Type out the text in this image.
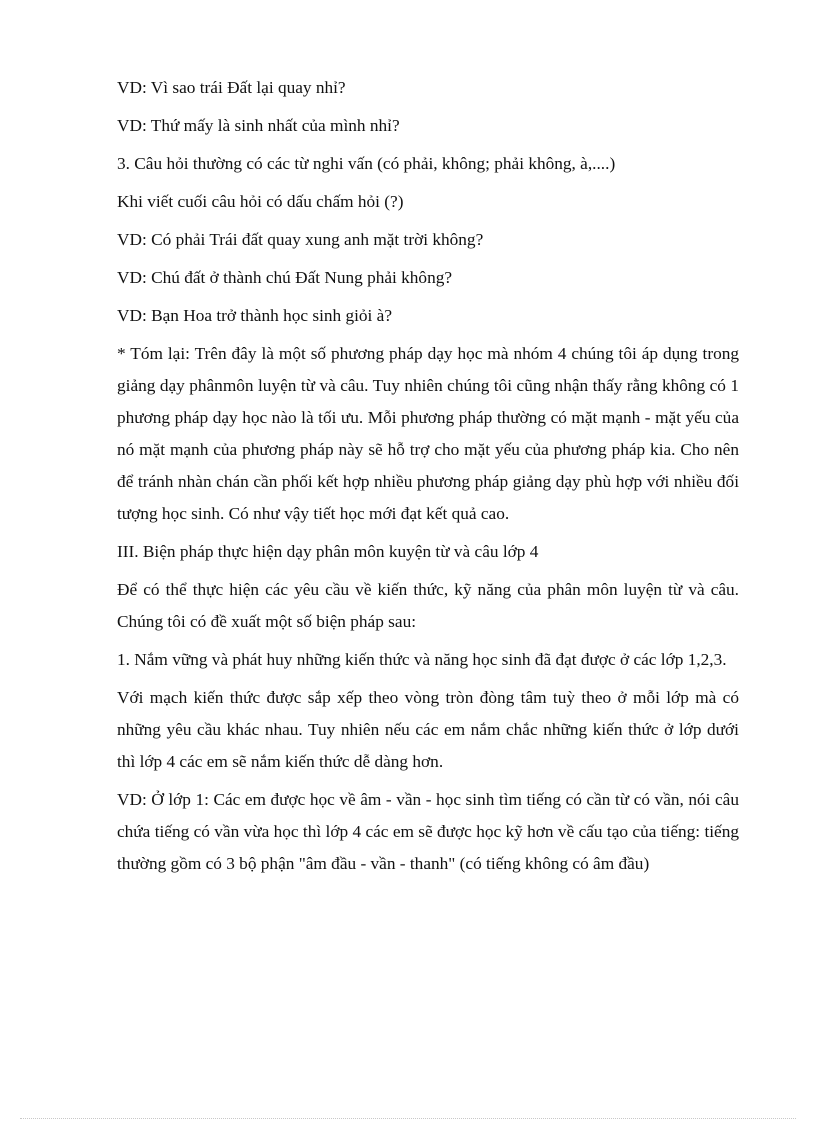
VD: Vì sao trái Đất lại quay nhỉ?

VD: Thứ mấy là sinh nhất của mình nhỉ?

3. Câu hỏi thường có các từ nghi vấn (có phải, không; phải không, à,....)

Khi viết cuối câu hỏi có dấu chấm hỏi (?)

VD: Có phải Trái đất quay xung anh mặt trời không?

VD: Chú đất ở thành chú Đất Nung phải không?

VD: Bạn Hoa trở thành học sinh giỏi à?

* Tóm lại: Trên đây là một số phương pháp dạy học mà nhóm 4 chúng tôi áp dụng trong giảng dạy phânmôn luyện từ và câu. Tuy nhiên chúng tôi cũng nhận thấy rằng không có 1 phương pháp dạy học nào là tối ưu. Mỗi phương pháp thường có mặt mạnh - mặt yếu của nó mặt mạnh của phương pháp này sẽ hỗ trợ cho mặt yếu của phương pháp kia. Cho nên để tránh nhàn chán cần phối kết hợp nhiều phương pháp giảng dạy phù hợp với nhiều đối tượng học sinh. Có như vậy tiết học mới đạt kết quả cao.

III. Biện pháp thực hiện dạy phân môn kuyện từ và câu lớp 4

Để có thể thực hiện các yêu cầu về kiến thức, kỹ năng của phân môn luyện từ và câu. Chúng tôi có đề xuất một số biện pháp sau:

1. Nắm vững và phát huy những kiến thức và năng học sinh đã đạt được ở các lớp 1,2,3.

Với mạch kiến thức được sắp xếp theo vòng tròn đòng tâm tuỳ theo ở mỗi lớp mà có những yêu cầu khác nhau. Tuy nhiên nếu các em nắm chắc những kiến thức ở lớp dưới thì lớp 4 các em sẽ nắm kiến thức dễ dàng hơn.

VD: Ở lớp 1: Các em được học về âm - vần - học sinh tìm tiếng có cần từ có vần, nói câu chứa tiếng có vần vừa học thì lớp 4 các em sẽ được học kỹ hơn về cấu tạo của tiếng: tiếng thường gồm có 3 bộ phận "âm đầu - vần - thanh" (có tiếng không có âm đầu)
